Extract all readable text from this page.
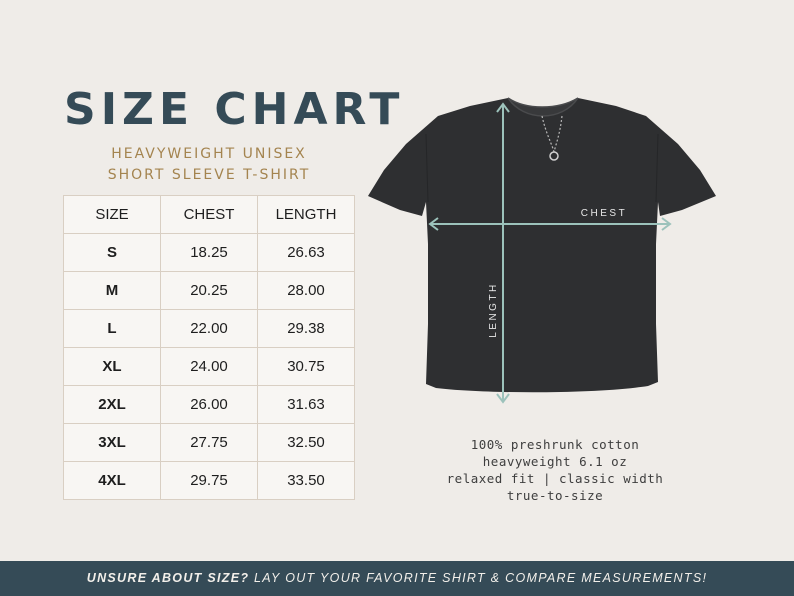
SIZE CHART
HEAVYWEIGHT UNISEX
SHORT SLEEVE T-SHIRT
SIZE	CHEST	LENGTH
S	18.25	26.63
M	20.25	28.00
L	22.00	29.38
XL	24.00	30.75
2XL	26.00	31.63
3XL	27.75	32.50
4XL	29.75	33.50
CHEST
LENGTH
100% preshrunk cotton
heavyweight 6.1 oz
relaxed fit | classic width
true-to-size
UNSURE ABOUT SIZE? LAY OUT YOUR FAVORITE SHIRT & COMPARE MEASUREMENTS!
